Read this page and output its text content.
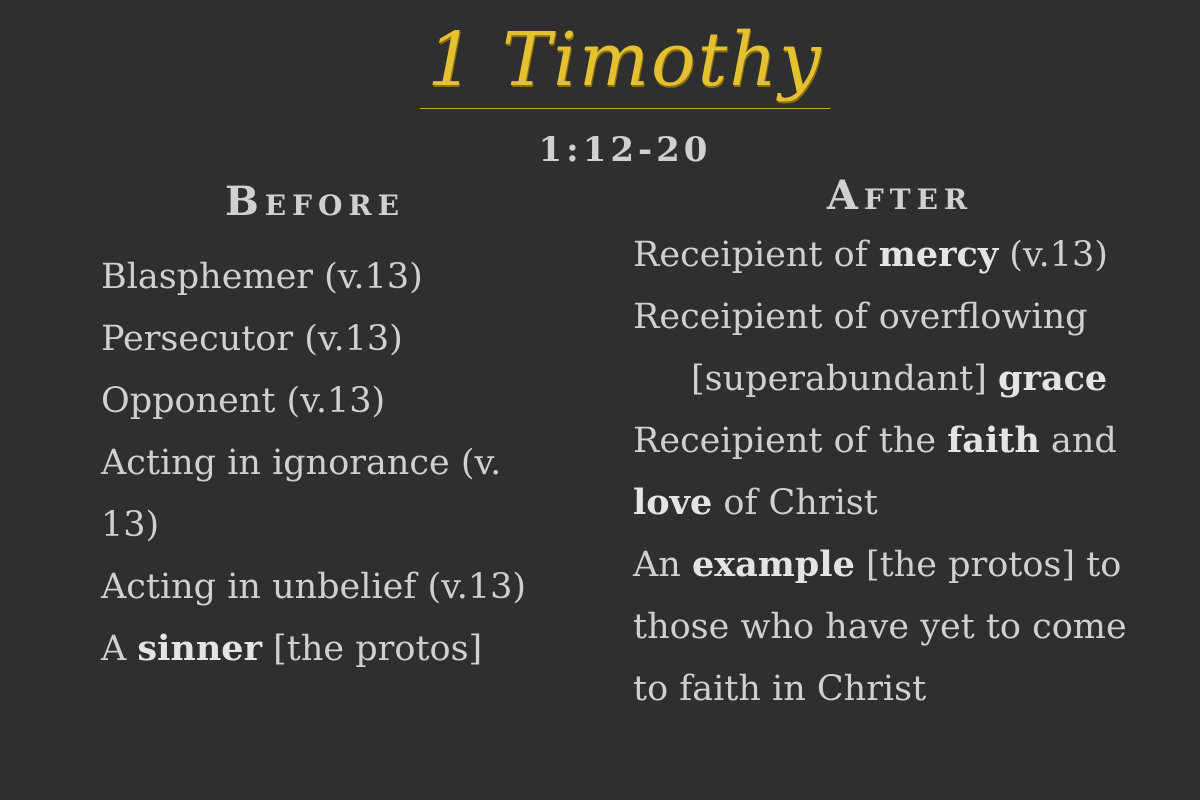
1 Timothy
1:12-20
Before	After
Blasphemer (v.13)
Persecutor (v.13)
Opponent (v.13)
Acting in ignorance (v. 13)
Acting in unbelief (v.13)
A sinner [the protos]
Receipient of mercy (v.13)
Receipient of overflowing
[superabundant] grace
Receipient of the faith and love of Christ
An example [the protos] to those who have yet to come to faith in Christ
